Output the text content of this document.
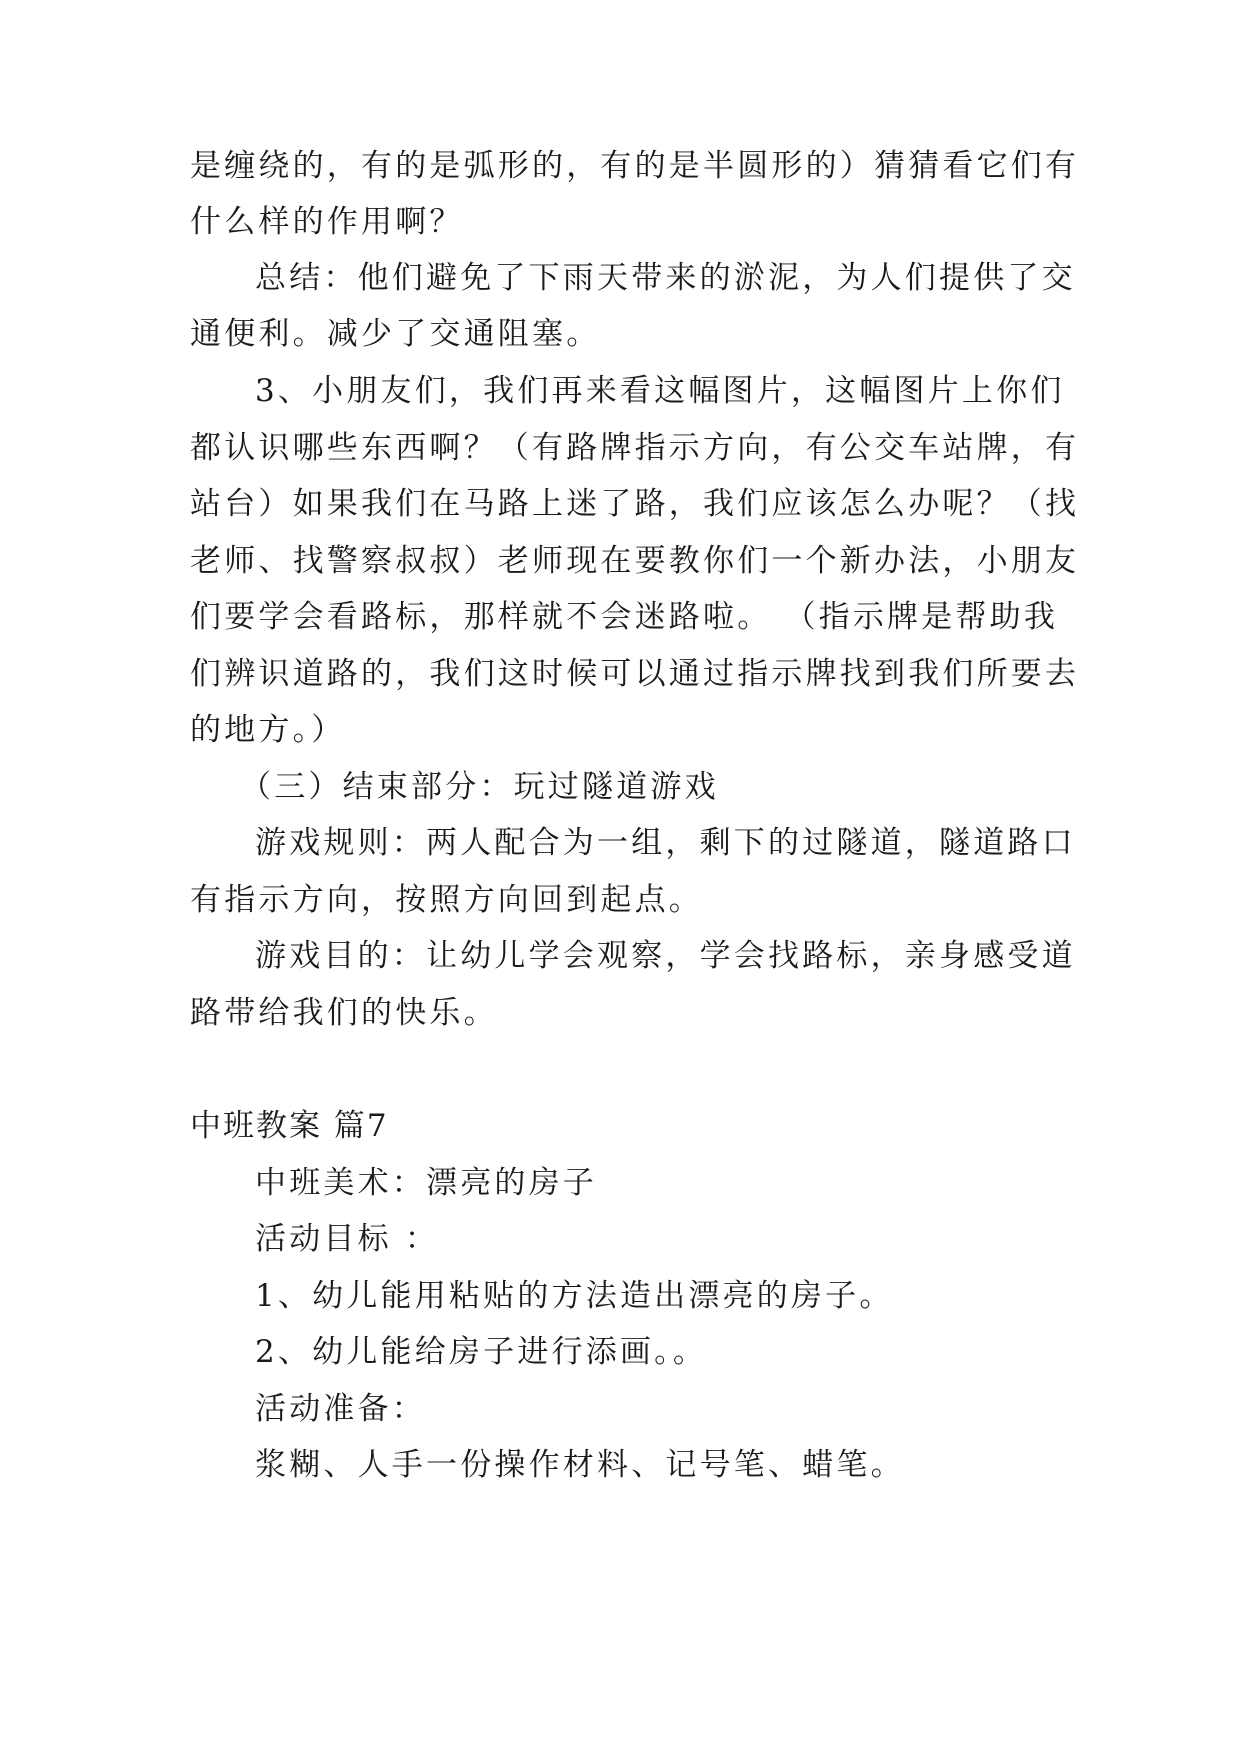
是缠绕的，有的是弧形的，有的是半圆形的）猜猜看它们有
什么样的作用啊？
总结：他们避免了下雨天带来的淤泥，为人们提供了交
通便利。减少了交通阻塞。
3、小朋友们，我们再来看这幅图片，这幅图片上你们
都认识哪些东西啊？（有路牌指示方向，有公交车站牌，有
站台）如果我们在马路上迷了路，我们应该怎么办呢？（找
老师、找警察叔叔）老师现在要教你们一个新办法，小朋友
们要学会看路标，那样就不会迷路啦。 （指示牌是帮助我
们辨识道路的，我们这时候可以通过指示牌找到我们所要去
的地方。）
（三）结束部分：玩过隧道游戏
游戏规则：两人配合为一组，剩下的过隧道，隧道路口
有指示方向，按照方向回到起点。
游戏目的：让幼儿学会观察，学会找路标，亲身感受道
路带给我们的快乐。
中班教案 篇7
中班美术：漂亮的房子
活动目标 ：
1、幼儿能用粘贴的方法造出漂亮的房子。
2、幼儿能给房子进行添画。。
活动准备：
浆糊、人手一份操作材料、记号笔、蜡笔。
